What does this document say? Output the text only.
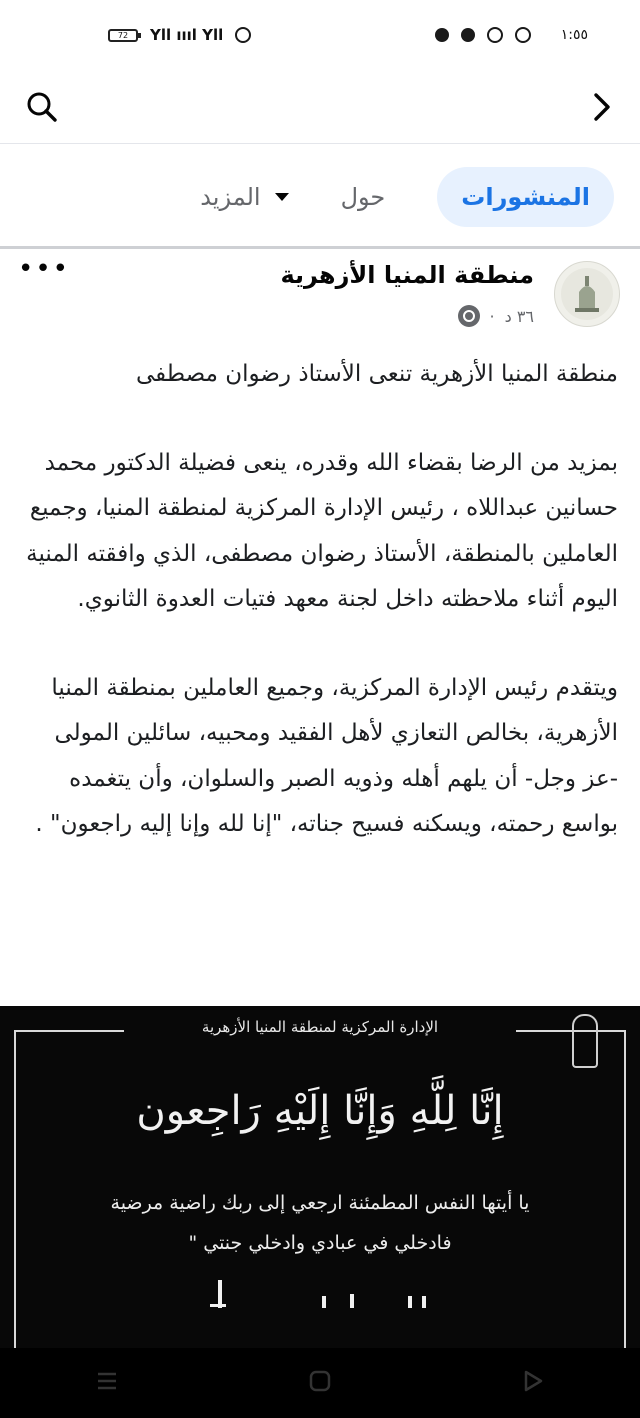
72	Yll ıııl Yll	١:٥٥
المنشورات
حول
المزيد
منطقة المنيا الأزهرية
٣٦ د
·
•••

منطقة المنيا الأزهرية تنعى الأستاذ رضوان مصطفى

بمزيد من الرضا بقضاء الله وقدره، ينعى فضيلة الدكتور محمد حسانين عبداللاه ، رئيس الإدارة المركزية لمنطقة المنيا، وجميع العاملين بالمنطقة، الأستاذ رضوان مصطفى، الذي وافقته المنية اليوم أثناء ملاحظته داخل لجنة معهد فتيات العدوة الثانوي.

ويتقدم رئيس الإدارة المركزية، وجميع العاملين بمنطقة المنيا الأزهرية، بخالص التعازي لأهل الفقيد ومحبيه، سائلين المولى -عز وجل- أن يلهم أهله وذويه الصبر والسلوان، وأن يتغمده بواسع رحمته، ويسكنه فسيح جناته، "إنا لله وإنا إليه راجعون" .

الإدارة المركزية لمنطقة المنيا الأزهرية
إِنَّا لِلَّهِ وَإِنَّا إِلَيْهِ رَاجِعون
يا أيتها النفس المطمئنة ارجعي إلى ربك راضية مرضية
فادخلي في عبادي وادخلي جنتي "
